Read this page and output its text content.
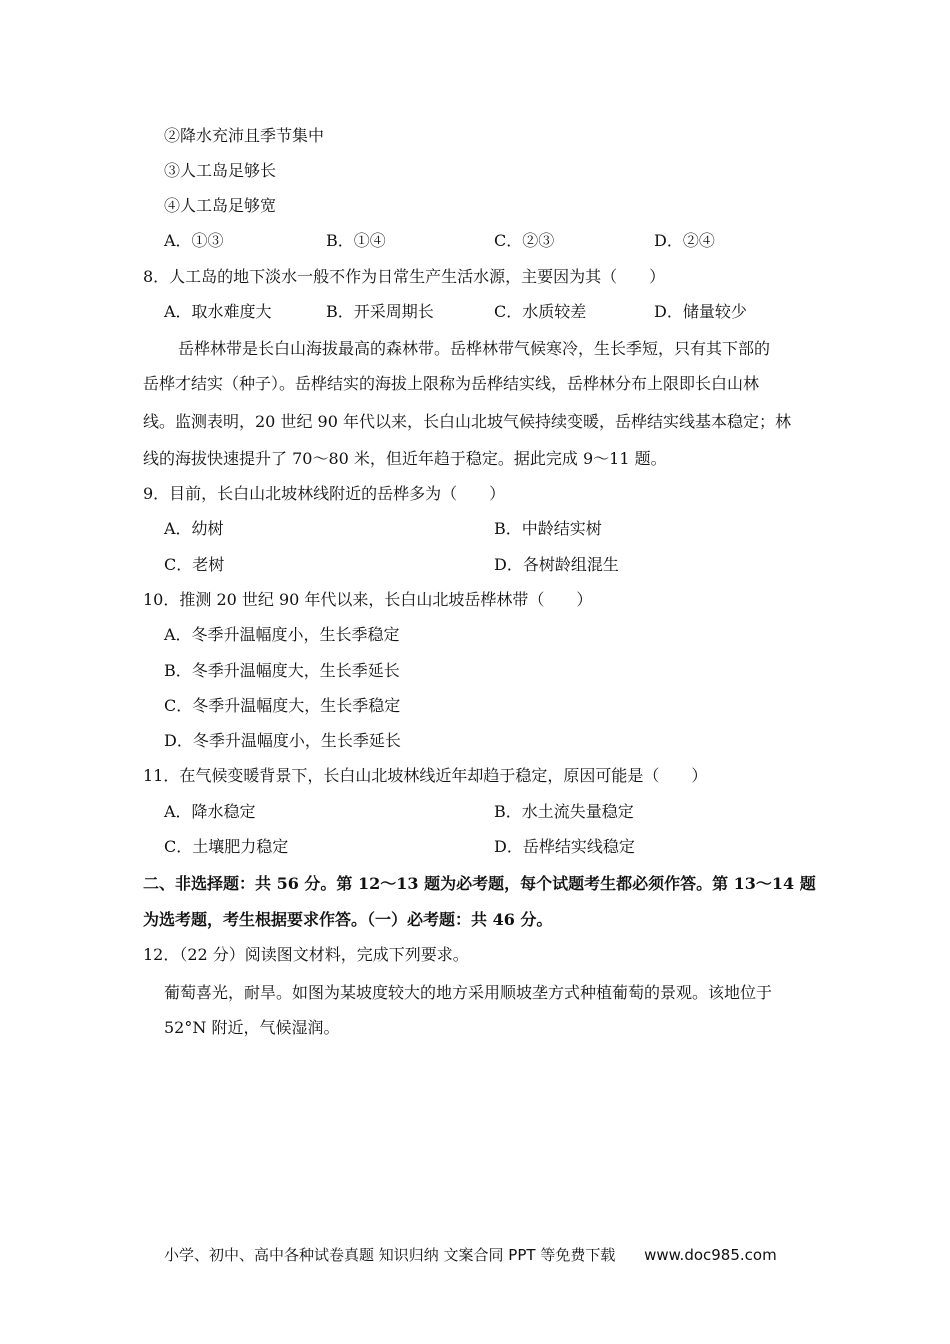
②降水充沛且季节集中
③人工岛足够长
④人工岛足够宽
A．①③	B．①④	C．②③	D．②④
8．人工岛的地下淡水一般不作为日常生产生活水源，主要因为其（　　）
A．取水难度大	B．开采周期长	C．水质较差	D．储量较少
岳桦林带是长白山海拔最高的森林带。岳桦林带气候寒冷，生长季短，只有其下部的
岳桦才结实（种子）。岳桦结实的海拔上限称为岳桦结实线，岳桦林分布上限即长白山林
线。监测表明，20 世纪 90 年代以来，长白山北坡气候持续变暖，岳桦结实线基本稳定；林
线的海拔快速提升了 70～80 米，但近年趋于稳定。据此完成 9～11 题。
9．目前，长白山北坡林线附近的岳桦多为（　　）
A．幼树	B．中龄结实树
C．老树	D．各树龄组混生
10．推测 20 世纪 90 年代以来，长白山北坡岳桦林带（　　）
A．冬季升温幅度小，生长季稳定
B．冬季升温幅度大，生长季延长
C．冬季升温幅度大，生长季稳定
D．冬季升温幅度小，生长季延长
11．在气候变暖背景下，长白山北坡林线近年却趋于稳定，原因可能是（　　）
A．降水稳定	B．水土流失量稳定
C．土壤肥力稳定	D．岳桦结实线稳定
二、非选择题：共 56 分。第 12～13 题为必考题，每个试题考生都必须作答。第 13～14 题
为选考题，考生根据要求作答。（一）必考题：共 46 分。
12．（22 分）阅读图文材料，完成下列要求。
葡萄喜光，耐旱。如图为某坡度较大的地方采用顺坡垄方式种植葡萄的景观。该地位于
52°N 附近，气候湿润。
小学、初中、高中各种试卷真题 知识归纳 文案合同 PPT 等免费下载 www.doc985.com
